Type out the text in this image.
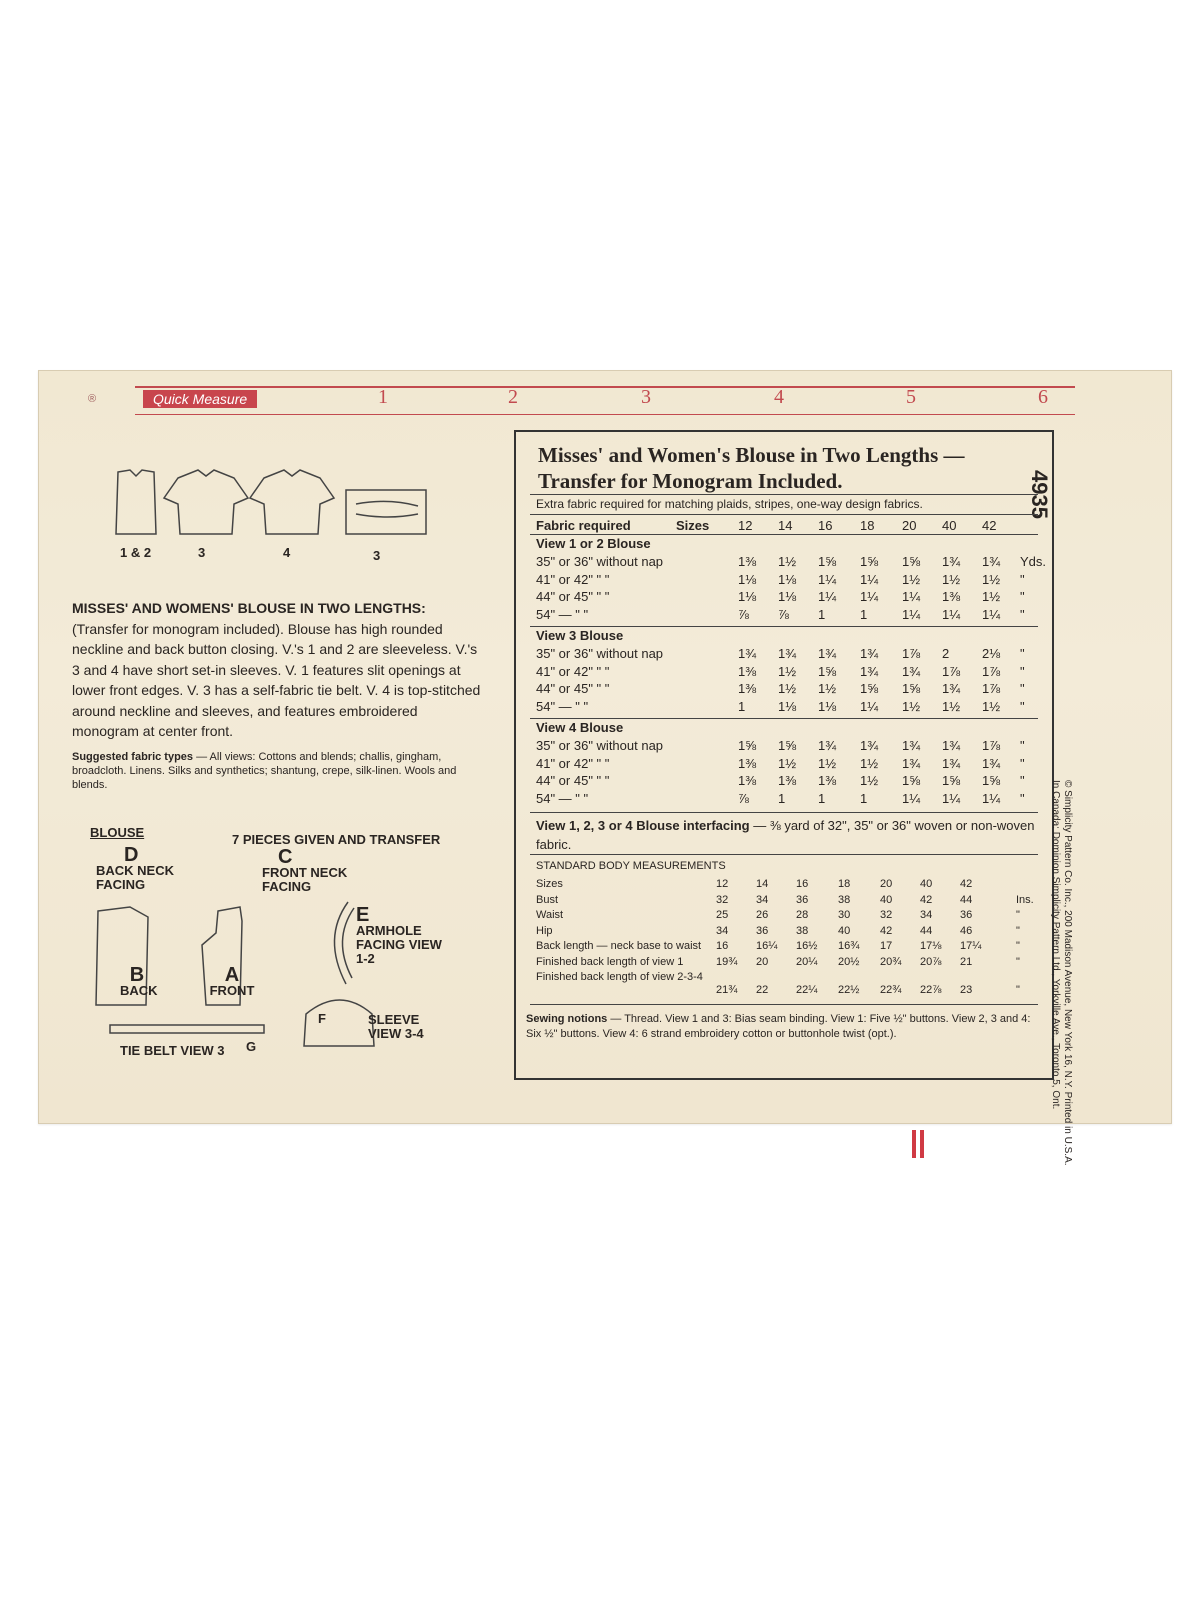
®	Quick Measure	1	2	3	4	5	6
1 & 2	3	4	3
MISSES' AND WOMENS' BLOUSE IN TWO LENGTHS: (Transfer for monogram included). Blouse has high rounded neckline and back button closing. V.'s 1 and 2 are sleeveless. V.'s 3 and 4 have short set-in sleeves. V. 1 features slit openings at lower front edges. V. 3 has a self-fabric tie belt. V. 4 is top-stitched around neckline and sleeves, and features embroidered monogram at center front.
Suggested fabric types — All views: Cottons and blends; challis, gingham, broadcloth. Linens. Silks and synthetics; shantung, crepe, silk-linen. Wools and blends.
BLOUSE	7 PIECES GIVEN AND TRANSFER
D
BACK NECK FACING
C
FRONT NECK FACING
B
BACK
A
FRONT
E
ARMHOLE FACING VIEW 1-2
F	SLEEVE VIEW 3-4
TIE BELT VIEW 3 G
4935
Misses' and Women's Blouse in Two Lengths —
Transfer for Monogram Included.
Extra fabric required for matching plaids, stripes, one-way design fabrics.
Fabric required	Sizes 12 14 16 18 20 40 42
View 1 or 2 Blouse
35" or 36" without nap	1⅜ 1½ 1⅝ 1⅝ 1⅝ 1¾ 1¾ Yds.
41" or 42" " "	1⅛ 1⅛ 1¼ 1¼ 1½ 1½ 1½ "
44" or 45" " "	1⅛ 1⅛ 1¼ 1¼ 1¼ 1⅜ 1½ "
54" — " "	⅞ ⅞ 1	1	1¼ 1¼ 1¼ "
View 3 Blouse
35" or 36" without nap	1¾ 1¾ 1¾ 1¾ 1⅞ 2	2⅛ "
41" or 42" " "	1⅜ 1½ 1⅝ 1¾ 1¾ 1⅞ 1⅞ "
44" or 45" " "	1⅜ 1½ 1½ 1⅝ 1⅝ 1¾ 1⅞ "
54" — " "	1	1⅛ 1⅛ 1¼ 1½ 1½ 1½ "
View 4 Blouse
35" or 36" without nap	1⅝ 1⅝ 1¾ 1¾ 1¾ 1¾ 1⅞ "
41" or 42" " "	1⅜ 1½ 1½ 1½ 1¾ 1¾ 1¾ "
44" or 45" " "	1⅜ 1⅜ 1⅜ 1½ 1⅝ 1⅝ 1⅝ "
54" — " "	⅞ 1	1	1	1¼ 1¼ 1¼ "
View 1, 2, 3 or 4 Blouse interfacing — ⅜ yard of 32", 35" or 36" woven or non-woven fabric.
STANDARD BODY MEASUREMENTS
Sizes	12	14	16	18	20	40	42
Bust	32	34	36	38	40	42	44	Ins.
Waist	25	26	28	30	32	34	36	"
Hip	34	36	38	40	42	44	46	"
Back length — neck base to waist 16	16¼ 16½ 16¾ 17	17⅛ 17¼	"
Finished back length of view 1	19¾ 20	20¼ 20½ 20¾ 20⅞ 21	"
Finished back length of view 2-3-4
21¾ 22	22¼ 22½ 22¾ 22⅞ 23	"
Sewing notions — Thread. View 1 and 3: Bias seam binding. View 1: Five ½" buttons. View 2, 3 and 4: Six ½" buttons. View 4: 6 strand embroidery cotton or buttonhole twist (opt.).	© Simplicity Pattern Co. Inc., 200 Madison Avenue, New York 16, N.Y. Printed in U.S.A.
In Canada: Dominion Simplicity Pattern Ltd., Yorkville Ave., Toronto 5, Ont.
